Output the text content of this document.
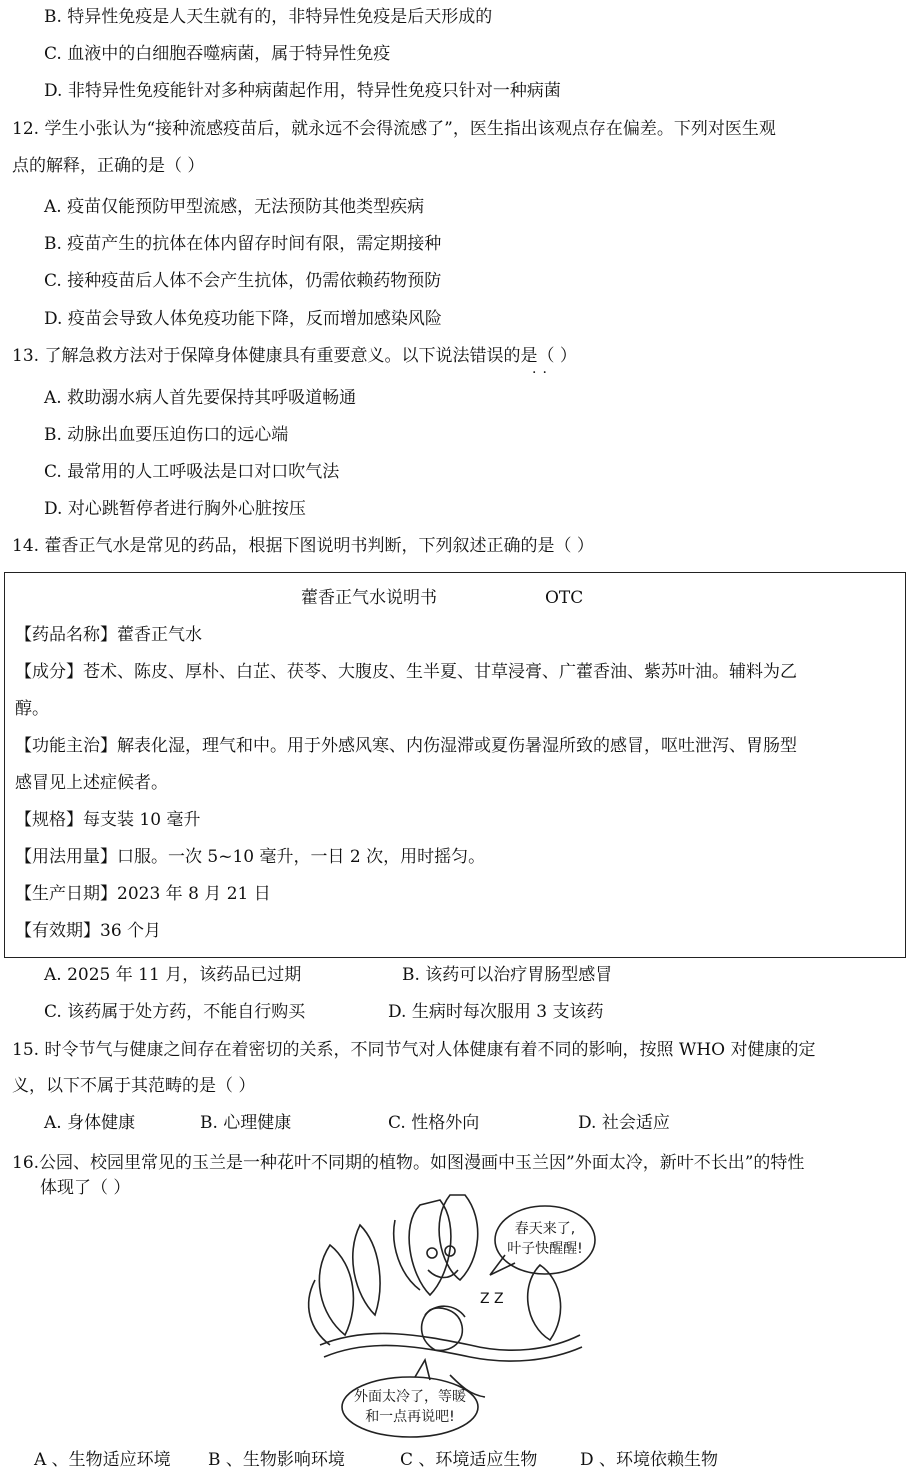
B. 特异性免疫是人天生就有的，非特异性免疫是后天形成的
C. 血液中的白细胞吞噬病菌，属于特异性免疫
D. 非特异性免疫能针对多种病菌起作用，特异性免疫只针对一种病菌
12. 学生小张认为“接种流感疫苗后，就永远不会得流感了”，医生指出该观点存在偏差。下列对医生观
点的解释，正确的是（ ）
A. 疫苗仅能预防甲型流感，无法预防其他类型疾病
B. 疫苗产生的抗体在体内留存时间有限，需定期接种
C. 接种疫苗后人体不会产生抗体，仍需依赖药物预防
D. 疫苗会导致人体免疫功能下降，反而增加感染风险
13. 了解急救方法对于保障身体健康具有重要意义。以下说法错误的是（ ）
··
A. 救助溺水病人首先要保持其呼吸道畅通
B. 动脉出血要压迫伤口的远心端
C. 最常用的人工呼吸法是口对口吹气法
D. 对心跳暂停者进行胸外心脏按压
14. 藿香正气水是常见的药品，根据下图说明书判断，下列叙述正确的是（ ）
藿香正气水说明书	OTC
【药品名称】藿香正气水
【成分】苍术、陈皮、厚朴、白芷、茯苓、大腹皮、生半夏、甘草浸膏、广藿香油、紫苏叶油。辅料为乙
醇。
【功能主治】解表化湿，理气和中。用于外感风寒、内伤湿滞或夏伤暑湿所致的感冒，呕吐泄泻、胃肠型
感冒见上述症候者。
【规格】每支装 10 毫升
【用法用量】口服。一次 5~10 毫升，一日 2 次，用时摇匀。
【生产日期】2023 年 8 月 21 日
【有效期】36 个月
A. 2025 年 11 月，该药品已过期	B. 该药可以治疗胃肠型感冒
C. 该药属于处方药，不能自行购买	D. 生病时每次服用 3 支该药
15. 时令节气与健康之间存在着密切的关系，不同节气对人体健康有着不同的影响，按照 WHO 对健康的定
义，以下不属于其范畴的是（ ）
A. 身体健康	B. 心理健康	C. 性格外向	D. 社会适应
16.公园、校园里常见的玉兰是一种花叶不同期的植物。如图漫画中玉兰因”外面太冷，新叶不长出”的特性
体现了（ ）
春天来了,
叶子快醒醒!
外面太冷了，等暖
和一点再说吧!
Z Z
A 、生物适应环境 B 、生物影响环境	C 、环境适应生物	D 、环境依赖生物
